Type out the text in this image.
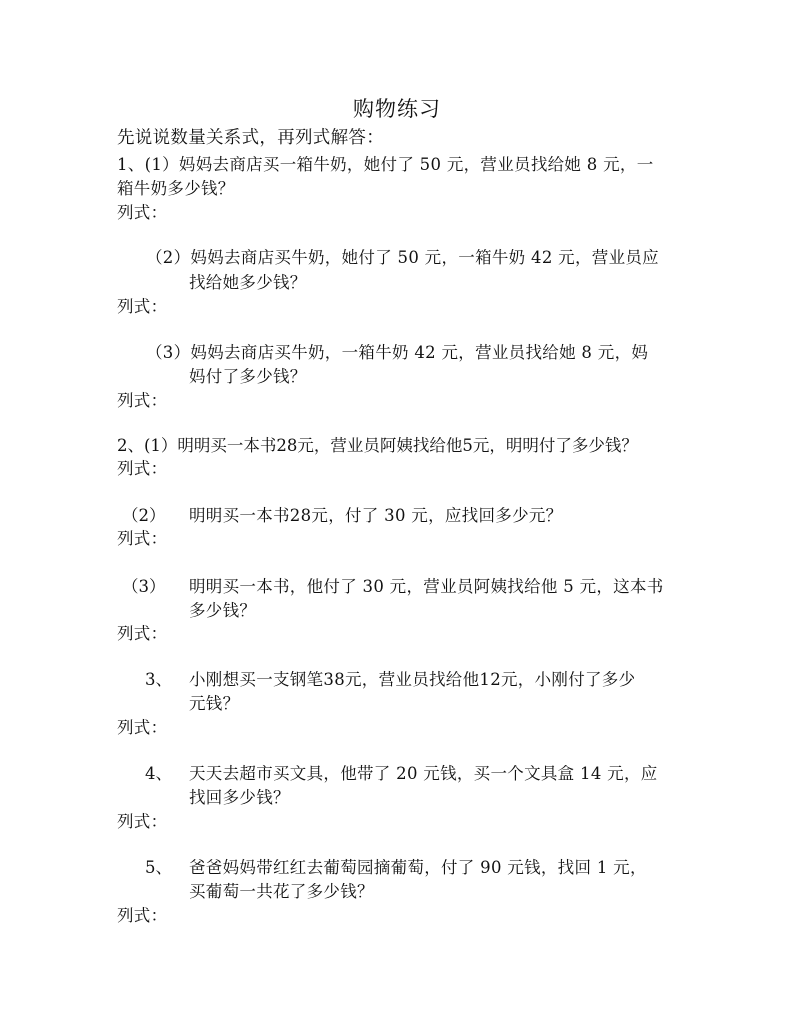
购物练习
先说说数量关系式，再列式解答：
1、(1）妈妈去商店买一箱牛奶，她付了 50 元，营业员找给她 8 元，一
箱牛奶多少钱？
列式：
（2）妈妈去商店买牛奶，她付了 50 元，一箱牛奶 42 元，营业员应
找给她多少钱？
列式：
（3）妈妈去商店买牛奶，一箱牛奶 42 元，营业员找给她 8 元，妈
妈付了多少钱？
列式：
2、(1）明明买一本书28元，营业员阿姨找给他5元，明明付了多少钱？
列式：
（2） 明明买一本书28元，付了 30 元，应找回多少元？
列式：
（3） 明明买一本书，他付了 30 元，营业员阿姨找给他 5 元，这本书
多少钱？
列式：
3、 小刚想买一支钢笔38元，营业员找给他12元，小刚付了多少
元钱？
列式：
4、 天天去超市买文具，他带了 20 元钱，买一个文具盒 14 元，应
找回多少钱？
列式：
5、 爸爸妈妈带红红去葡萄园摘葡萄，付了 90 元钱，找回 1 元，
买葡萄一共花了多少钱？
列式：
